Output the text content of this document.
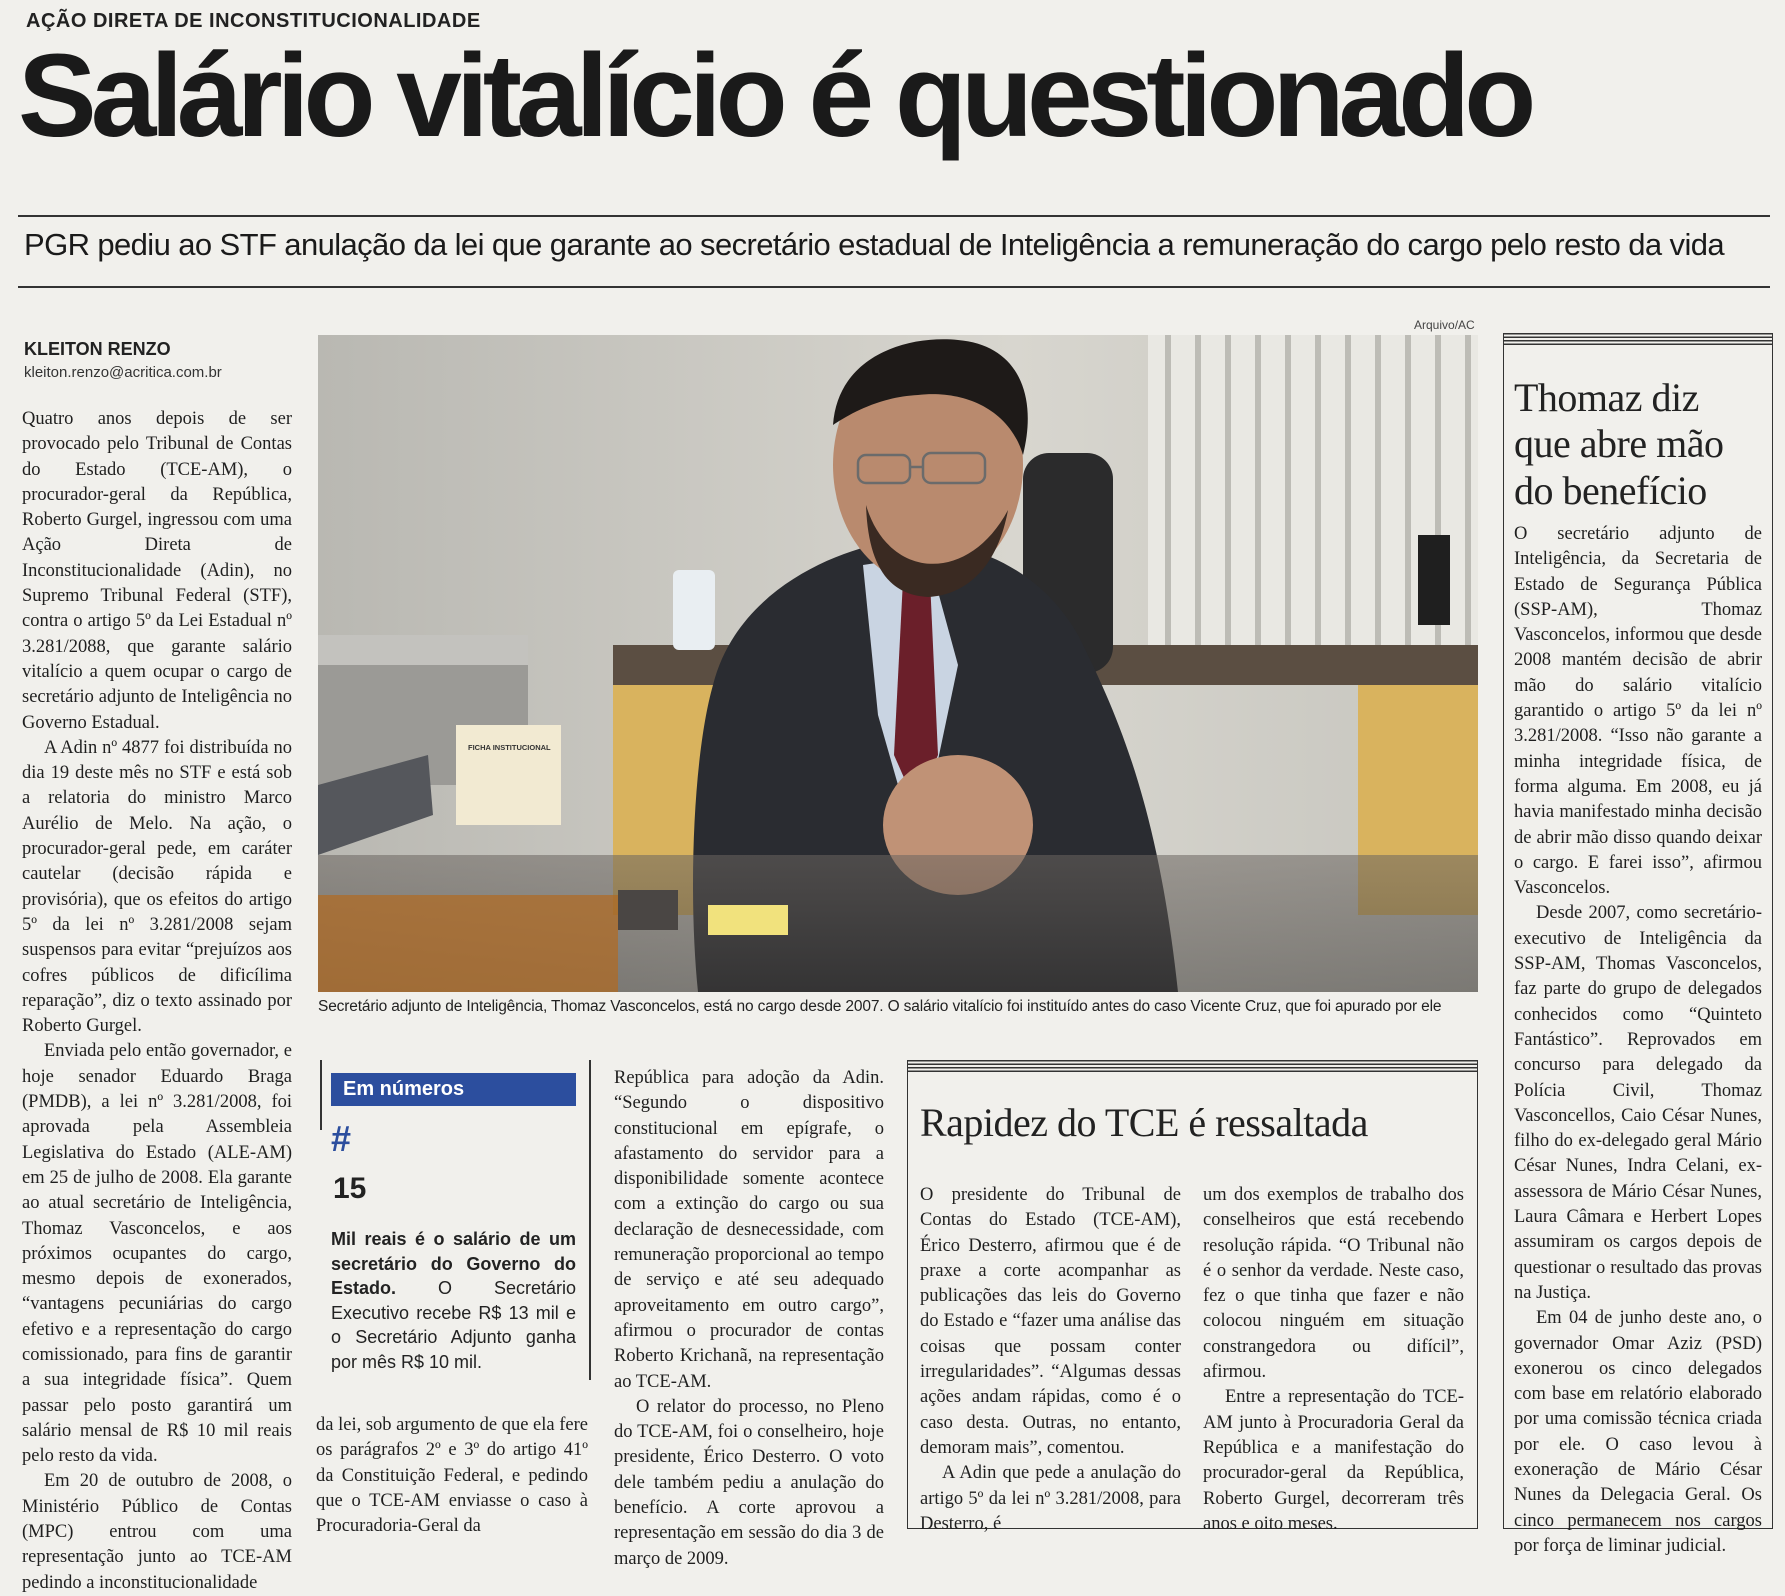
AÇÃO DIRETA DE INCONSTITUCIONALIDADE
Salário vitalício é questionado
PGR pediu ao STF anulação da lei que garante ao secretário estadual de Inteligência a remuneração do cargo pelo resto da vida
KLEITON RENZO
kleiton.renzo@acritica.com.br

Quatro anos depois de ser provocado pelo Tribunal de Contas do Estado (TCE-AM), o procurador-geral da República, Roberto Gurgel, ingressou com uma Ação Direta de Inconstitucionalidade (Adin), no Supremo Tribunal Federal (STF), contra o artigo 5º da Lei Estadual nº 3.281/2088, que garante salário vitalício a quem ocupar o cargo de secretário adjunto de Inteligência no Governo Estadual.

A Adin nº 4877 foi distribuída no dia 19 deste mês no STF e está sob a relatoria do ministro Marco Aurélio de Melo. Na ação, o procurador-geral pede, em caráter cautelar (decisão rápida e provisória), que os efeitos do artigo 5º da lei nº 3.281/2008 sejam suspensos para evitar “prejuízos aos cofres públicos de dificílima reparação”, diz o texto assinado por Roberto Gurgel.

Enviada pelo então governador, e hoje senador Eduardo Braga (PMDB), a lei nº 3.281/2008, foi aprovada pela Assembleia Legislativa do Estado (ALE-AM) em 25 de julho de 2008. Ela garante ao atual secretário de Inteligência, Thomaz Vasconcelos, e aos próximos ocupantes do cargo, mesmo depois de exonerados, “vantagens pecuniárias do cargo efetivo e a representação do cargo comissionado, para fins de garantir a sua integridade física”. Quem passar pelo posto garantirá um salário mensal de R$ 10 mil reais pelo resto da vida.

Em 20 de outubro de 2008, o Ministério Público de Contas (MPC) entrou com uma representação junto ao TCE-AM pedindo a inconstitucionalidade

Arquivo/AC
FICHA INSTITUCIONAL
Secretário adjunto de Inteligência, Thomaz Vasconcelos, está no cargo desde 2007. O salário vitalício foi instituído antes do caso Vicente Cruz, que foi apurado por ele
Em números
#
15
Mil reais é o salário de um secretário do Governo do Estado. O Secretário Executivo recebe R$ 13 mil e o Secretário Adjunto ganha por mês R$ 10 mil.

da lei, sob argumento de que ela fere os parágrafos 2º e 3º do artigo 41º da Constituição Federal, e pedindo que o TCE-AM enviasse o caso à Procuradoria-Geral da

República para adoção da Adin. “Segundo o dispositivo constitucional em epígrafe, o afastamento do servidor para a disponibilidade somente acontece com a extinção do cargo ou sua declaração de desnecessidade, com remuneração proporcional ao tempo de serviço e até seu adequado aproveitamento em outro cargo”, afirmou o procurador de contas Roberto Krichanã, na representação ao TCE-AM.

O relator do processo, no Pleno do TCE-AM, foi o conselheiro, hoje presidente, Érico Desterro. O voto dele também pediu a anulação do benefício. A corte aprovou a representação em sessão do dia 3 de março de 2009.

Rapidez do TCE é ressaltada

O presidente do Tribunal de Contas do Estado (TCE-AM), Érico Desterro, afirmou que é de praxe a corte acompanhar as publicações das leis do Governo do Estado e “fazer uma análise das coisas que possam conter irregularidades”. “Algumas dessas ações andam rápidas, como é o caso desta. Outras, no entanto, demoram mais”, comentou.

A Adin que pede a anulação do artigo 5º da lei nº 3.281/2008, para Desterro, é

um dos exemplos de trabalho dos conselheiros que está recebendo resolução rápida. “O Tribunal não é o senhor da verdade. Neste caso, fez o que tinha que fazer e não colocou ninguém em situação constrangedora ou difícil”, afirmou.

Entre a representação do TCE-AM junto à Procuradoria Geral da República e a manifestação do procurador-geral da República, Roberto Gurgel, decorreram três anos e oito meses.

Thomaz diz que abre mão do benefício

O secretário adjunto de Inteligência, da Secretaria de Estado de Segurança Pública (SSP-AM), Thomaz Vasconcelos, informou que desde 2008 mantém decisão de abrir mão do salário vitalício garantido o artigo 5º da lei nº 3.281/2008. “Isso não garante a minha integridade física, de forma alguma. Em 2008, eu já havia manifestado minha decisão de abrir mão disso quando deixar o cargo. E farei isso”, afirmou Vasconcelos.

Desde 2007, como secretário-executivo de Inteligência da SSP-AM, Thomas Vasconcelos, faz parte do grupo de delegados conhecidos como “Quinteto Fantástico”. Reprovados em concurso para delegado da Polícia Civil, Thomaz Vasconcellos, Caio César Nunes, filho do ex-delegado geral Mário César Nunes, Indra Celani, ex-assessora de Mário César Nunes, Laura Câmara e Herbert Lopes assumiram os cargos depois de questionar o resultado das provas na Justiça.

Em 04 de junho deste ano, o governador Omar Aziz (PSD) exonerou os cinco delegados com base em relatório elaborado por uma comissão técnica criada por ele. O caso levou à exoneração de Mário César Nunes da Delegacia Geral. Os cinco permanecem nos cargos por força de liminar judicial.
